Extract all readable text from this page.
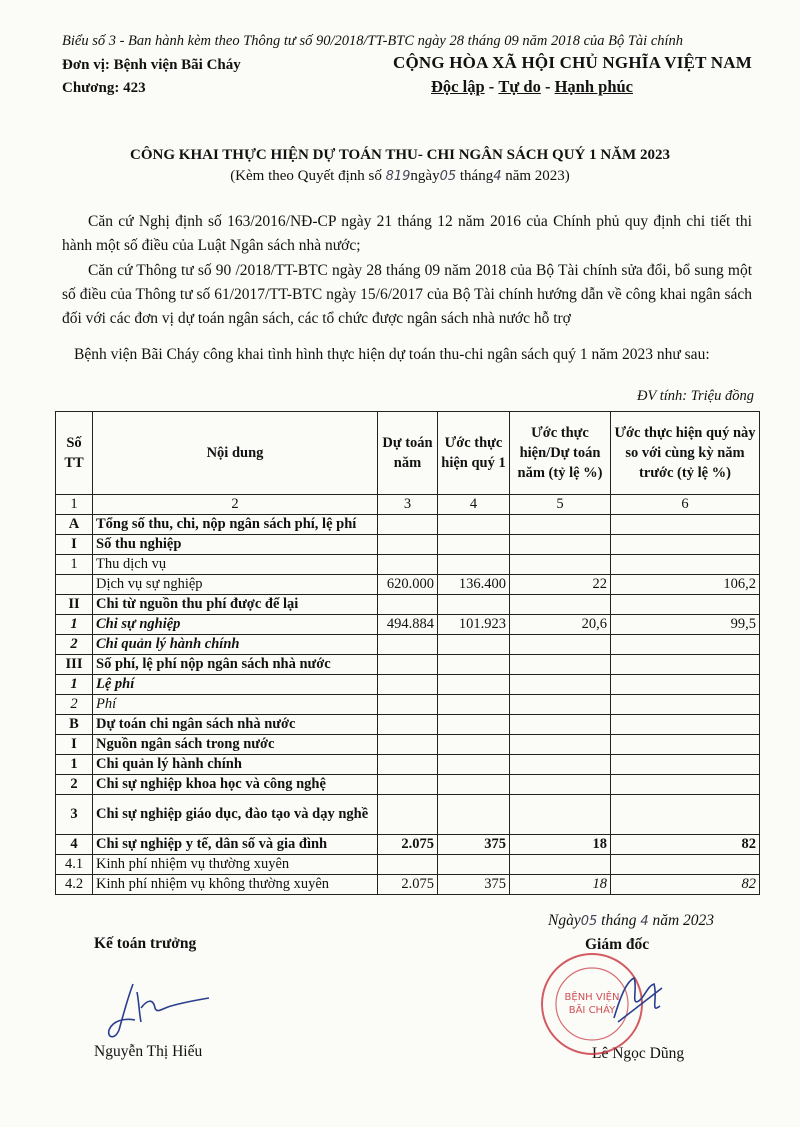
Biểu số 3 - Ban hành kèm theo Thông tư số 90/2018/TT-BTC ngày 28 tháng 09 năm 2018 của Bộ Tài chính
Đơn vị: Bệnh viện Bãi Cháy
Chương: 423
CỘNG HÒA XÃ HỘI CHỦ NGHĨA VIỆT NAM
Độc lập - Tự do - Hạnh phúc
CÔNG KHAI THỰC HIỆN DỰ TOÁN THU- CHI NGÂN SÁCH QUÝ 1 NĂM 2023
(Kèm theo Quyết định số 819ngày05 tháng4 năm 2023)
Căn cứ Nghị định số 163/2016/NĐ-CP ngày 21 tháng 12 năm 2016 của Chính phủ quy định chi tiết thi hành một số điều của Luật Ngân sách nhà nước;
Căn cứ Thông tư số 90 /2018/TT-BTC ngày 28 tháng 09 năm 2018 của Bộ Tài chính sửa đổi, bổ sung một số điều của Thông tư số 61/2017/TT-BTC ngày 15/6/2017 của Bộ Tài chính hướng dẫn về công khai ngân sách đối với các đơn vị dự toán ngân sách, các tổ chức được ngân sách nhà nước hỗ trợ
Bệnh viện Bãi Cháy công khai tình hình thực hiện dự toán thu-chi ngân sách quý 1 năm 2023 như sau:
ĐV tính: Triệu đồng
Số TT	Nội dung	Dự toán năm	Ước thực hiện quý 1	Ước thực hiện/Dự toán năm (tỷ lệ %)	Ước thực hiện quý này so với cùng kỳ năm trước (tỷ lệ %)
1	2	3	4	5	6
A	Tổng số thu, chi, nộp ngân sách phí, lệ phí				
I	Số thu nghiệp				
1	Thu dịch vụ				
	Dịch vụ sự nghiệp	620.000	136.400	22	106,2
II	Chi từ nguồn thu phí được để lại				
1	Chi sự nghiệp	494.884	101.923	20,6	99,5
2	Chi quản lý hành chính				
III	Số phí, lệ phí nộp ngân sách nhà nước				
1	Lệ phí				
2	Phí				
B	Dự toán chi ngân sách nhà nước				
I	Nguồn ngân sách trong nước				
1	Chi quản lý hành chính				
2	Chi sự nghiệp khoa học và công nghệ				
3	Chi sự nghiệp giáo dục, đào tạo và dạy nghề				
4	Chi sự nghiệp y tế, dân số và gia đình	2.075	375	18	82
4.1	Kinh phí nhiệm vụ thường xuyên				
4.2	Kinh phí nhiệm vụ không thường xuyên	2.075	375	18	82
Ngày05 tháng 4 năm 2023
Giám đốc
Kế toán trưởng
Nguyễn Thị Hiếu	Lê Ngọc Dũng
BỆNH VIỆN
BÃI CHÁY
